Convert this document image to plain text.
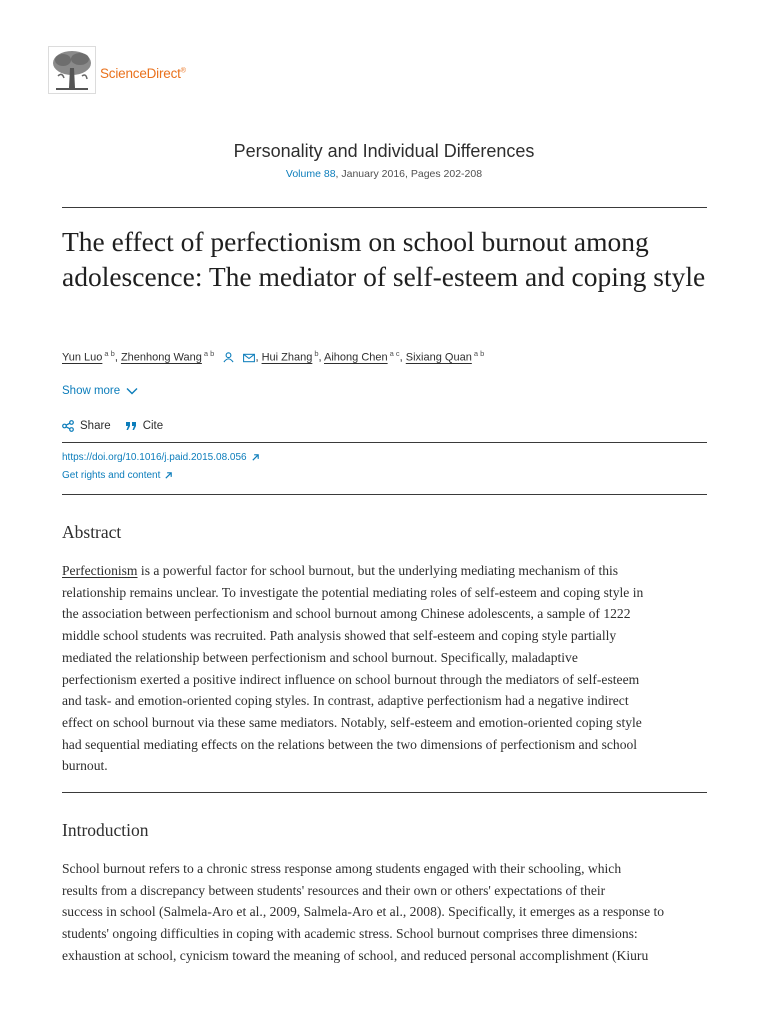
ScienceDirect®
Personality and Individual Differences
Volume 88, January 2016, Pages 202-208
The effect of perfectionism on school burnout among adolescence: The mediator of self-esteem and coping style
Yun Luo $^{a b}$, Zhenhong Wang $^{a b}$	, Hui Zhang $^b$, Aihong Chen $^{a c}$, Sixiang Quan $^{a b}$
Show more
Share	Cite
https://doi.org/10.1016/j.paid.2015.08.056
Get rights and content
Abstract

Perfectionism is a powerful factor for school burnout, but the underlying mediating mechanism of this
relationship remains unclear. To investigate the potential mediating roles of self-esteem and coping style in
the association between perfectionism and school burnout among Chinese adolescents, a sample of 1222
middle school students was recruited. Path analysis showed that self-esteem and coping style partially
mediated the relationship between perfectionism and school burnout. Specifically, maladaptive
perfectionism exerted a positive indirect influence on school burnout through the mediators of self-esteem
and task- and emotion-oriented coping styles. In contrast, adaptive perfectionism had a negative indirect
effect on school burnout via these same mediators. Notably, self-esteem and emotion-oriented coping style
had sequential mediating effects on the relations between the two dimensions of perfectionism and school
burnout.

Introduction

School burnout refers to a chronic stress response among students engaged with their schooling, which
results from a discrepancy between students' resources and their own or others' expectations of their
success in school (Salmela-Aro et al., 2009, Salmela-Aro et al., 2008). Specifically, it emerges as a response to
students' ongoing difficulties in coping with academic stress. School burnout comprises three dimensions:
exhaustion at school, cynicism toward the meaning of school, and reduced personal accomplishment (Kiuru
